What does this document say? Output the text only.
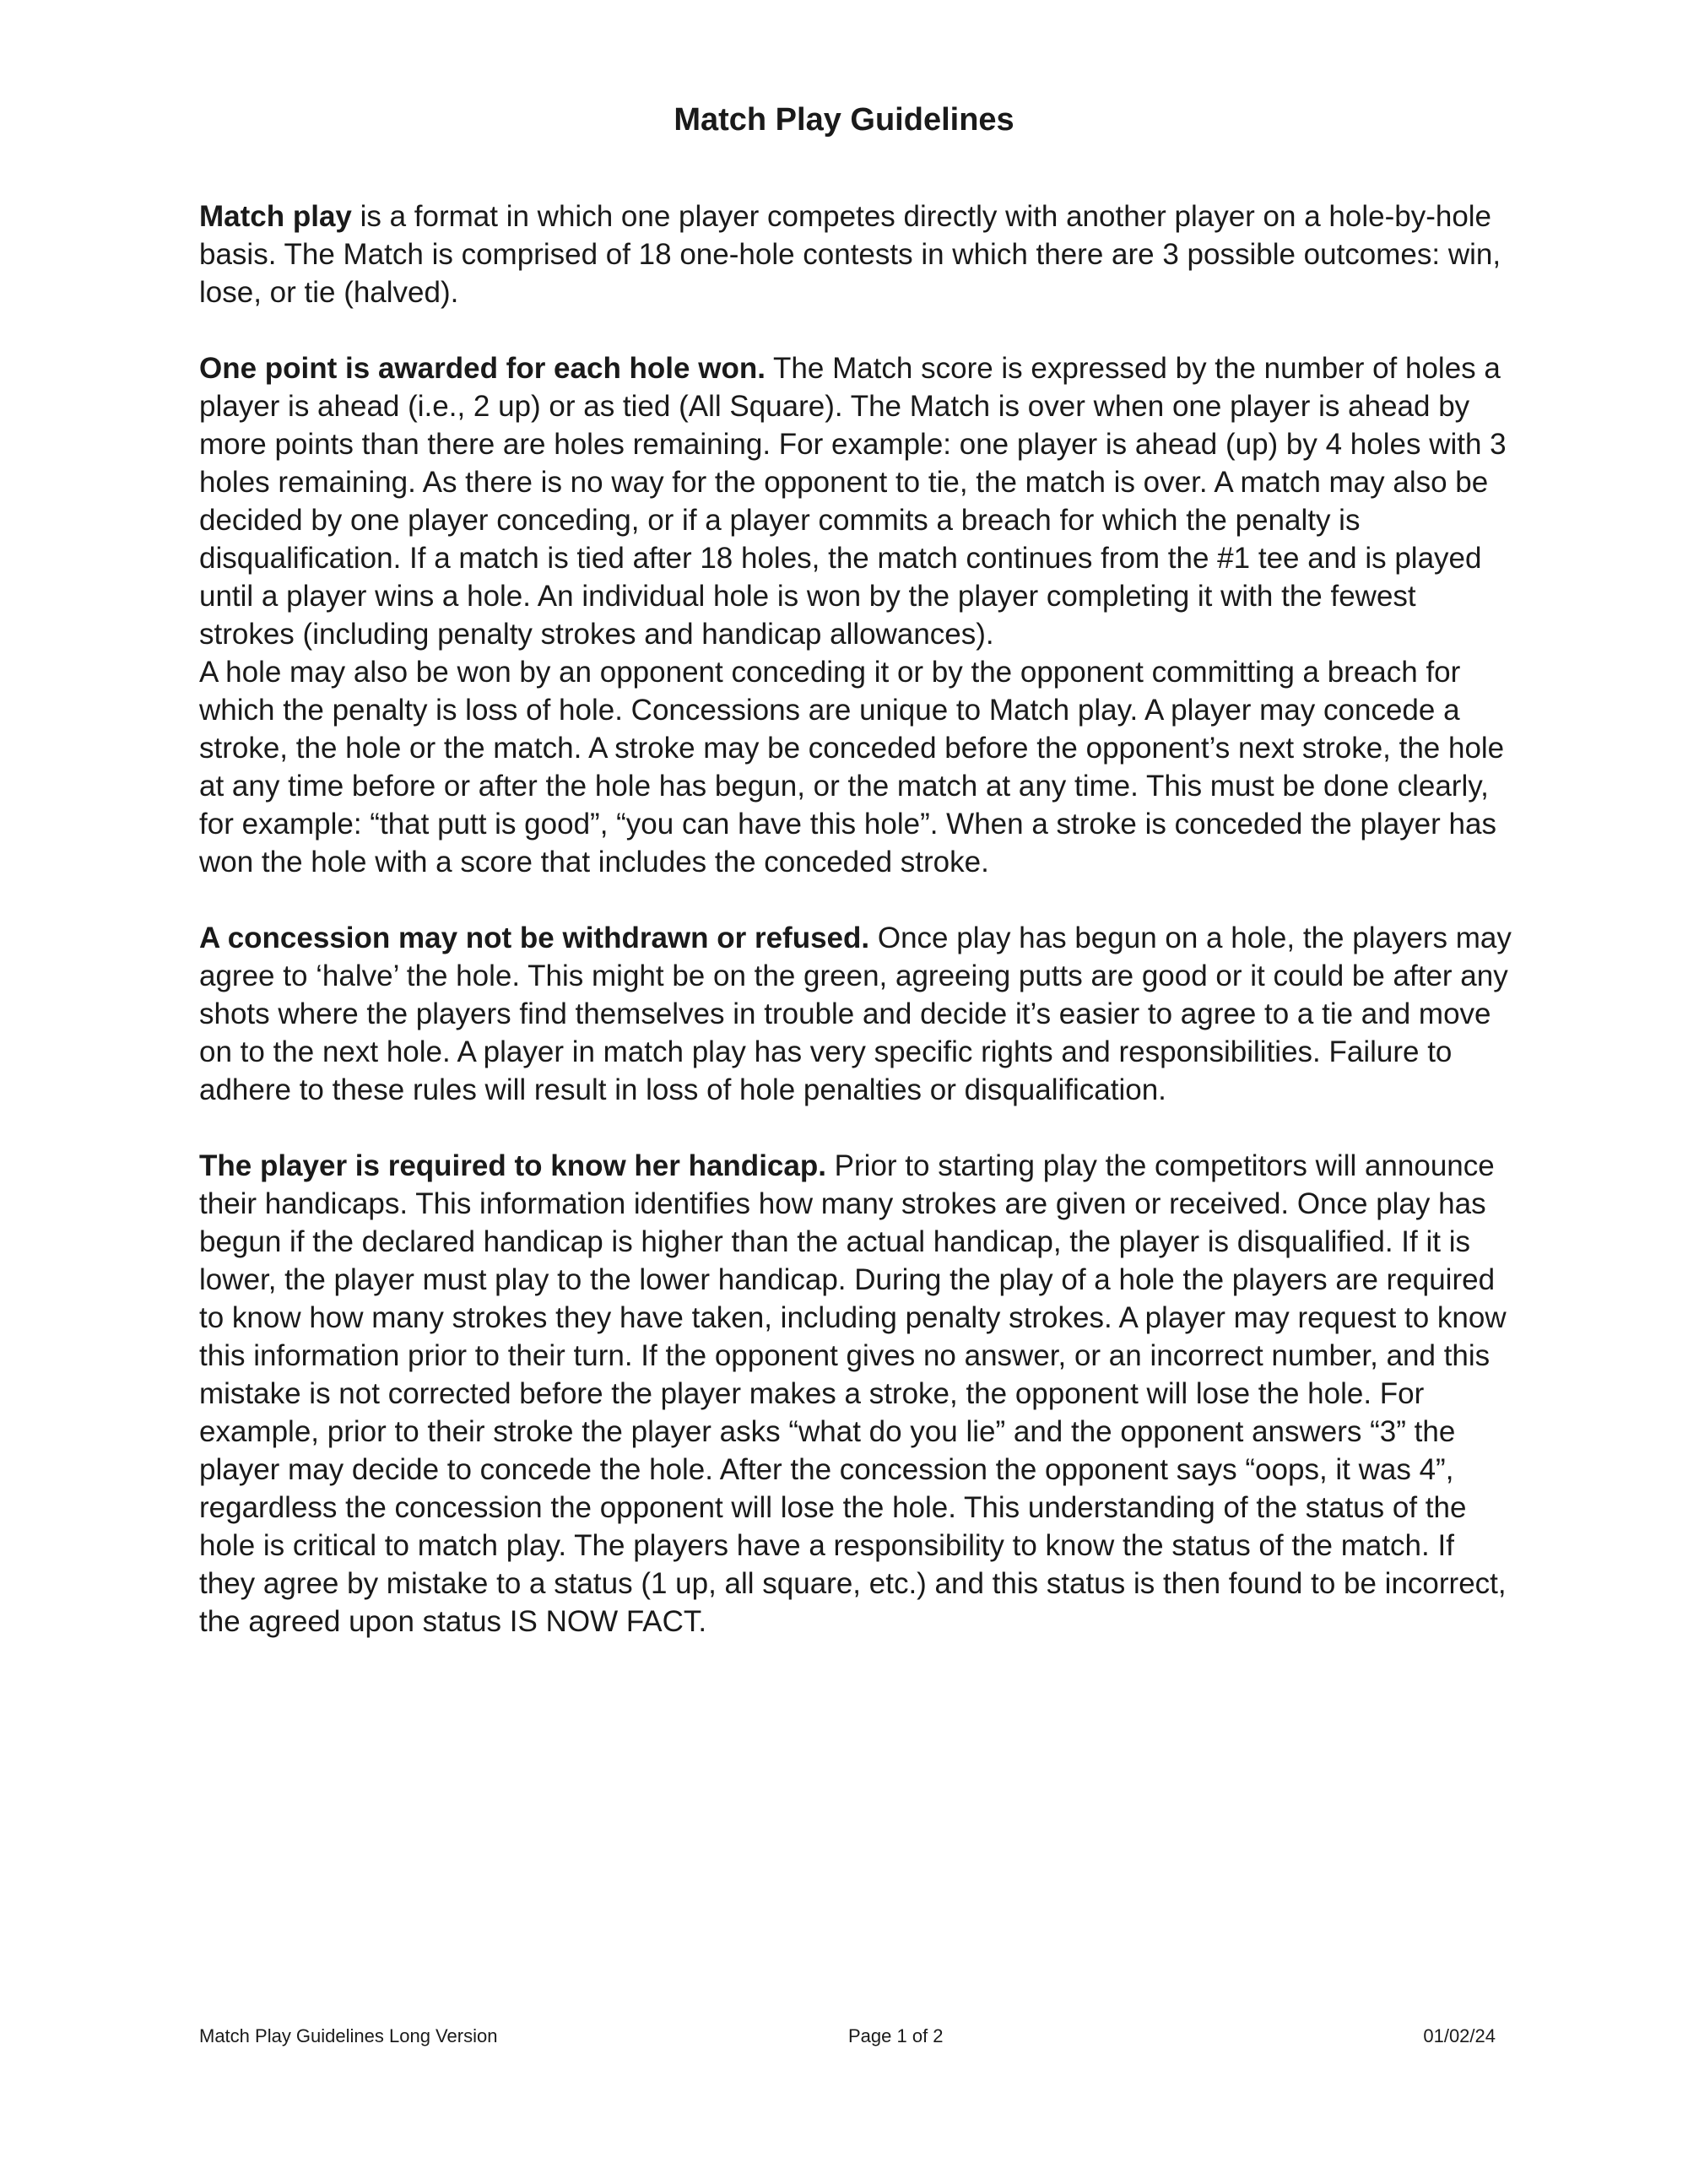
Match Play Guidelines

Match play is a format in which one player competes directly with another player on a hole-by-hole basis. The Match is comprised of 18 one-hole contests in which there are 3 possible outcomes: win, lose, or tie (halved).

One point is awarded for each hole won. The Match score is expressed by the number of holes a player is ahead (i.e., 2 up) or as tied (All Square). The Match is over when one player is ahead by more points than there are holes remaining. For example: one player is ahead (up) by 4 holes with 3 holes remaining. As there is no way for the opponent to tie, the match is over. A match may also be decided by one player conceding, or if a player commits a breach for which the penalty is disqualification. If a match is tied after 18 holes, the match continues from the #1 tee and is played until a player wins a hole. An individual hole is won by the player completing it with the fewest strokes (including penalty strokes and handicap allowances).

A hole may also be won by an opponent conceding it or by the opponent committing a breach for which the penalty is loss of hole. Concessions are unique to Match play. A player may concede a stroke, the hole or the match. A stroke may be conceded before the opponent’s next stroke, the hole at any time before or after the hole has begun, or the match at any time. This must be done clearly, for example: “that putt is good”, “you can have this hole”. When a stroke is conceded the player has won the hole with a score that includes the conceded stroke.

A concession may not be withdrawn or refused. Once play has begun on a hole, the players may agree to ‘halve’ the hole. This might be on the green, agreeing putts are good or it could be after any shots where the players find themselves in trouble and decide it’s easier to agree to a tie and move on to the next hole. A player in match play has very specific rights and responsibilities. Failure to adhere to these rules will result in loss of hole penalties or disqualification.

The player is required to know her handicap. Prior to starting play the competitors will announce their handicaps. This information identifies how many strokes are given or received. Once play has begun if the declared handicap is higher than the actual handicap, the player is disqualified. If it is lower, the player must play to the lower handicap. During the play of a hole the players are required to know how many strokes they have taken, including penalty strokes. A player may request to know this information prior to their turn. If the opponent gives no answer, or an incorrect number, and this mistake is not corrected before the player makes a stroke, the opponent will lose the hole. For example, prior to their stroke the player asks “what do you lie” and the opponent answers “3” the player may decide to concede the hole. After the concession the opponent says “oops, it was 4”, regardless the concession the opponent will lose the hole. This understanding of the status of the hole is critical to match play. The players have a responsibility to know the status of the match. If they agree by mistake to a status (1 up, all square, etc.) and this status is then found to be incorrect, the agreed upon status IS NOW FACT.

Match Play Guidelines Long Version	Page 1 of 2	01/02/24
